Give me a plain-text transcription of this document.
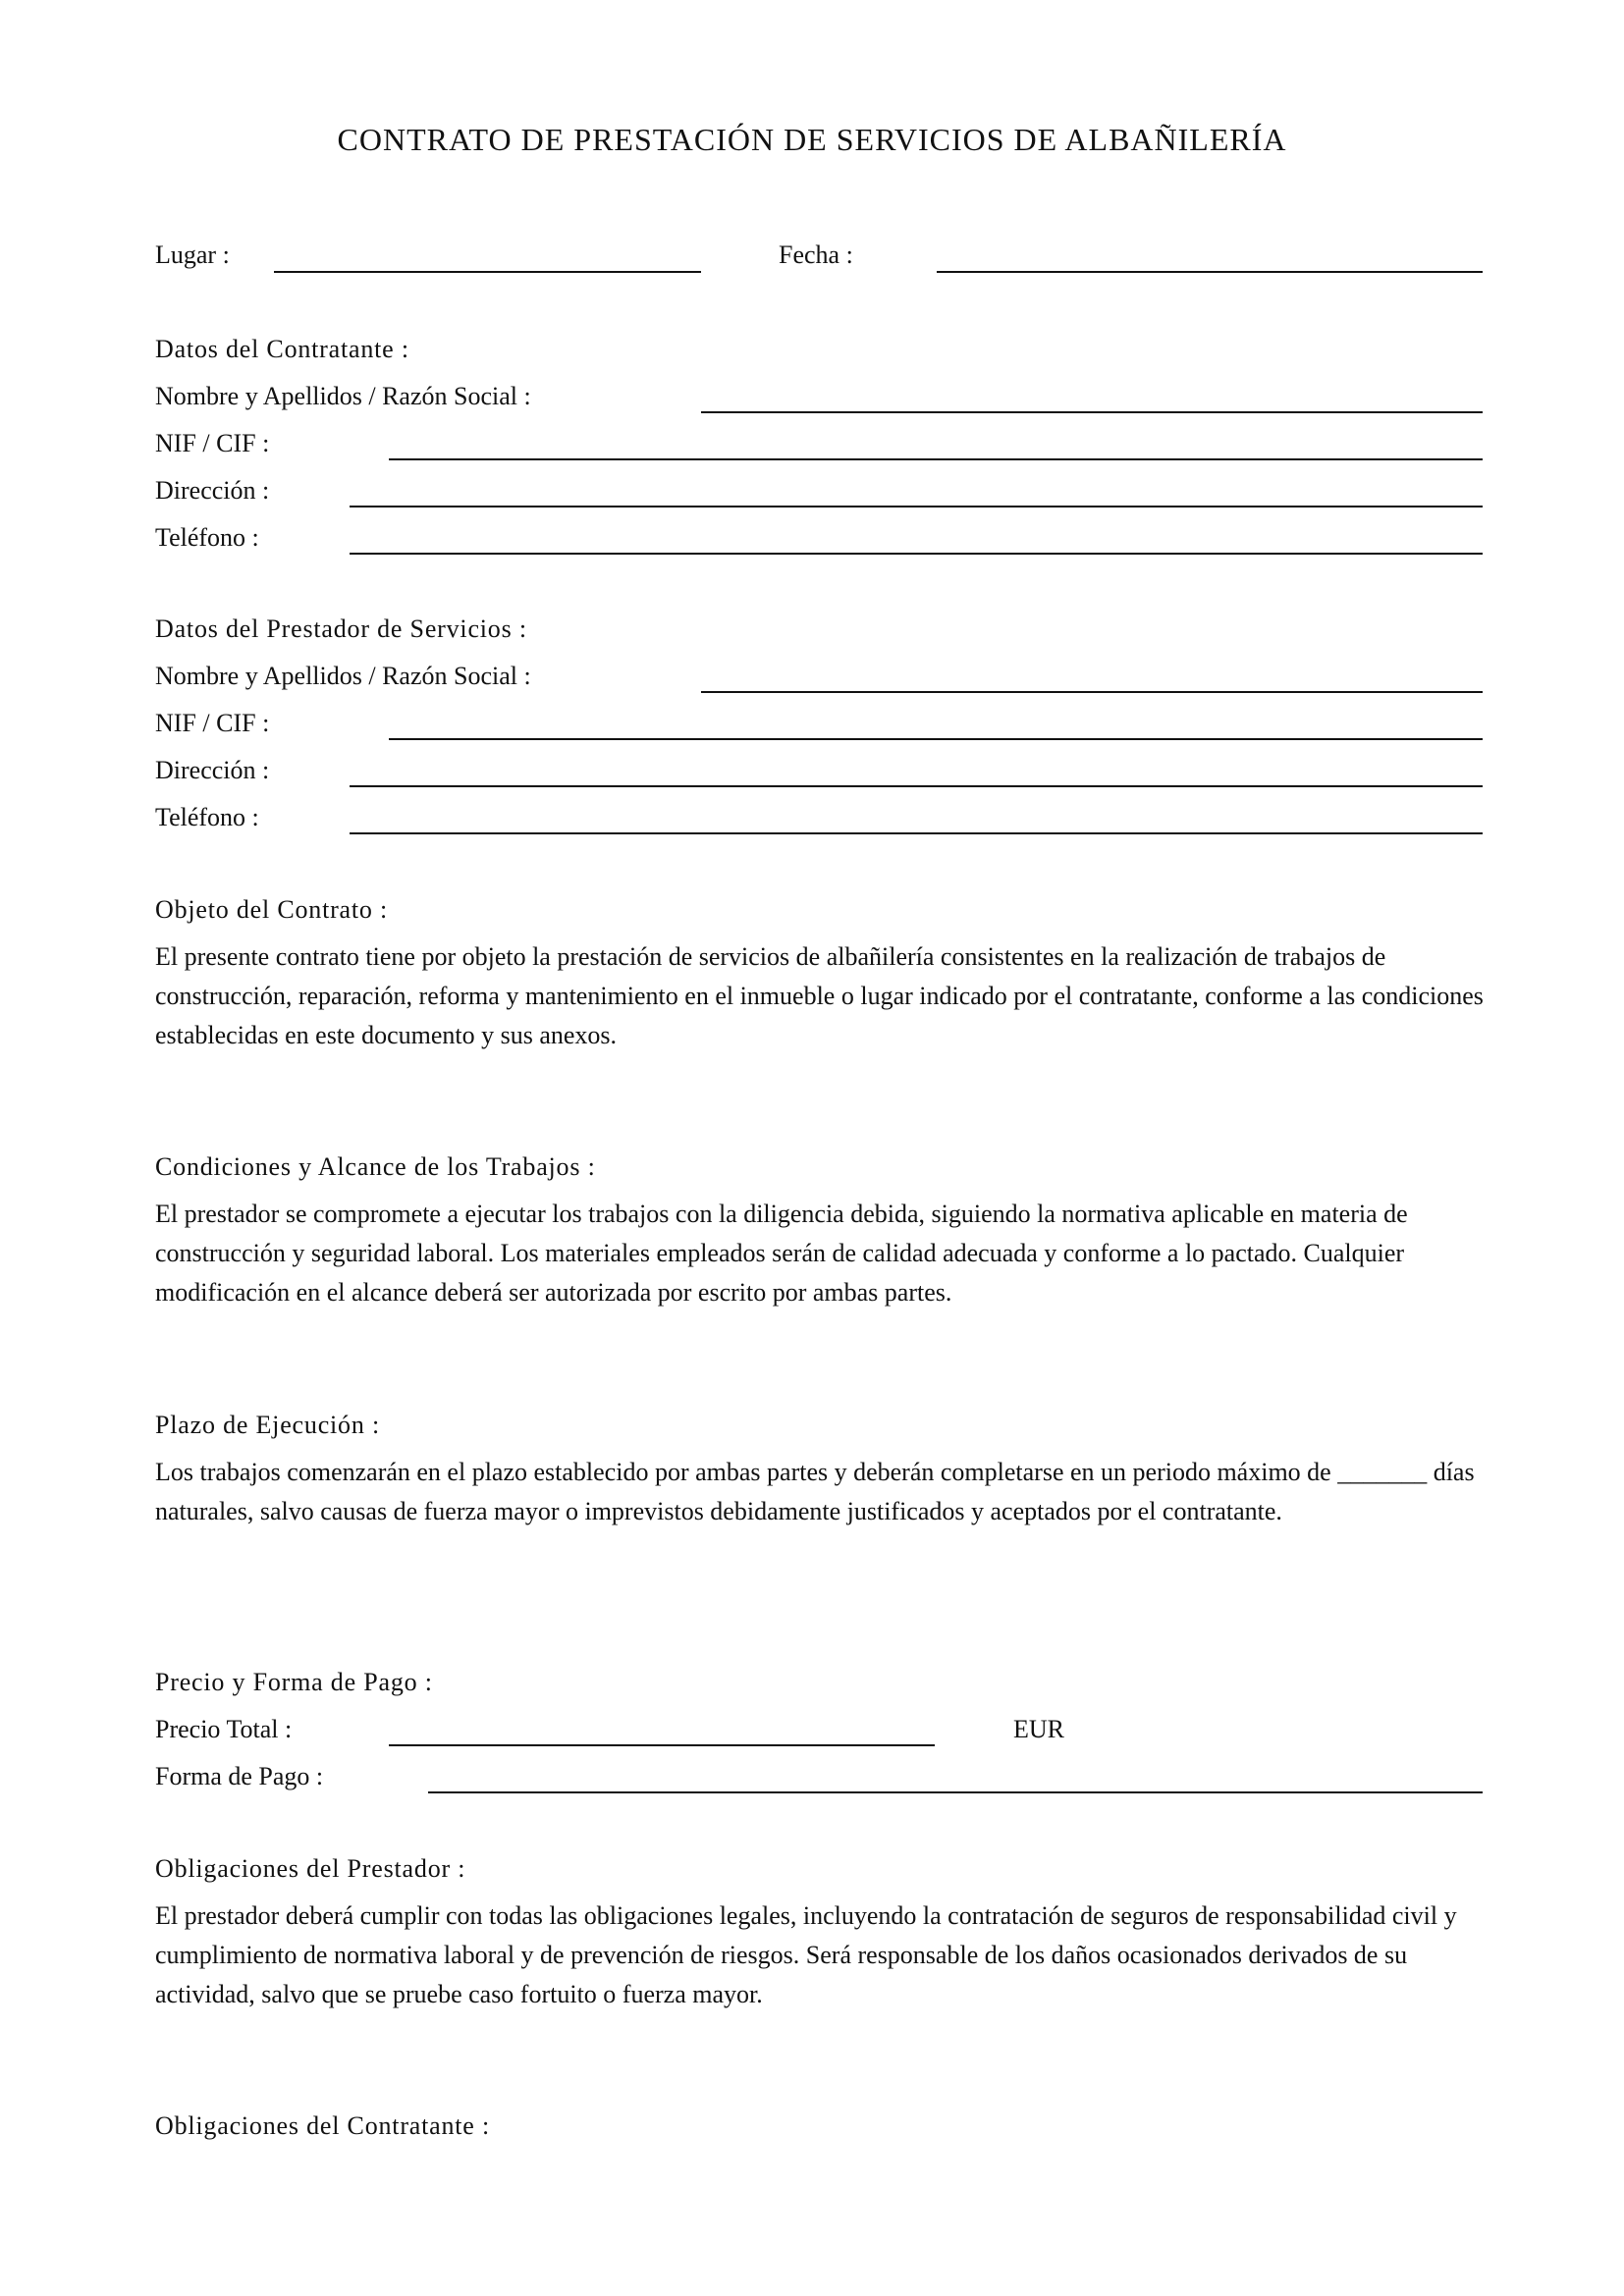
CONTRATO DE PRESTACIÓN DE SERVICIOS DE ALBAÑILERÍA
Lugar :	Fecha :
Datos del Contratante :
Nombre y Apellidos / Razón Social :
NIF / CIF :
Dirección :
Teléfono :
Datos del Prestador de Servicios :
Nombre y Apellidos / Razón Social :
NIF / CIF :
Dirección :
Teléfono :
Objeto del Contrato :
El presente contrato tiene por objeto la prestación de servicios de albañilería consistentes en la realización de trabajos de construcción, reparación, reforma y mantenimiento en el inmueble o lugar indicado por el contratante, conforme a las condiciones establecidas en este documento y sus anexos.
Condiciones y Alcance de los Trabajos :
El prestador se compromete a ejecutar los trabajos con la diligencia debida, siguiendo la normativa aplicable en materia de construcción y seguridad laboral. Los materiales empleados serán de calidad adecuada y conforme a lo pactado. Cualquier modificación en el alcance deberá ser autorizada por escrito por ambas partes.
Plazo de Ejecución :
Los trabajos comenzarán en el plazo establecido por ambas partes y deberán completarse en un periodo máximo de _______ días naturales, salvo causas de fuerza mayor o imprevistos debidamente justificados y aceptados por el contratante.
Precio y Forma de Pago :
Precio Total :	EUR
Forma de Pago :
Obligaciones del Prestador :
El prestador deberá cumplir con todas las obligaciones legales, incluyendo la contratación de seguros de responsabilidad civil y cumplimiento de normativa laboral y de prevención de riesgos. Será responsable de los daños ocasionados derivados de su actividad, salvo que se pruebe caso fortuito o fuerza mayor.
Obligaciones del Contratante :
